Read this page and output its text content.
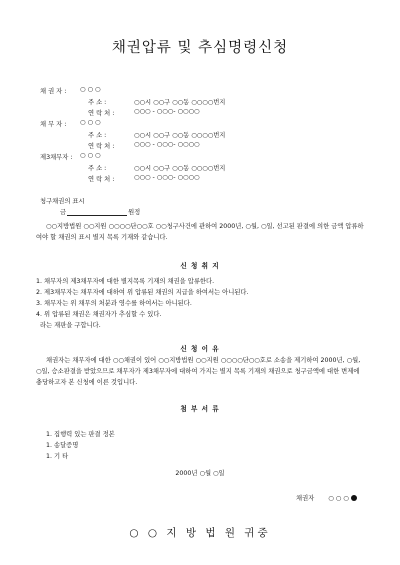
채권압류 및 추심명령신청
채 권 자 : ○ ○ ○
주 소 :	○○시 ○○구 ○○동 ○○○○번지
연 락 처 :	○○○ - ○○○- ○○○○
채 무 자 : ○ ○ ○
주 소 :	○○시 ○○구 ○○동 ○○○○번지
연 락 처 :	○○○ - ○○○- ○○○○
제3채무자 : ○ ○ ○
주 소 :	○○시 ○○구 ○○동 ○○○○번지
연 락 처 :	○○○ - ○○○- ○○○○
청구채권의 표시
금	원정
○○지방법원 ○○지원 ○○○○단○○호 ○○청구사건에 관하여 2000년, ○월, ○일, 선고된 판결에 의한 금액 압류하여야 할 채권의 표시 별지 목록 기재와 같습니다.
신 청 취 지
1. 채무자의 제3채무자에 대한 별지목록 기재의 채권을 압류한다.
2. 제3채무자는 채무자에 대하여 위 압류된 채권의 지급을 하여서는 아니된다.
3. 채무자는 위 채무의 처분과 영수를 하여서는 아니된다.
4. 위 압류된 채권은 채권자가 추심할 수 있다.
라는 재판을 구합니다.
신 청 이 유
채권자는 채무자에 대한 ○○채권이 있어 ○○지방법원 ○○지원 ○○○○단○○호로 소송을 제기하여 2000년, ○월, ○일, 승소판결을 받았으므로 채무자가 제3채무자에 대하여 가지는 별지 목록 기재의 채권으로 청구금액에 대한 변제에 충당하고자 본 신청에 이른 것입니다.
첨 부 서 류
1. 집행력 있는 판결 정본
1. 송달증명
1. 기 타
2000년 ○월 ○일
채권자 ○ ○ ○
○ ○ 지 방 법 원 귀중
